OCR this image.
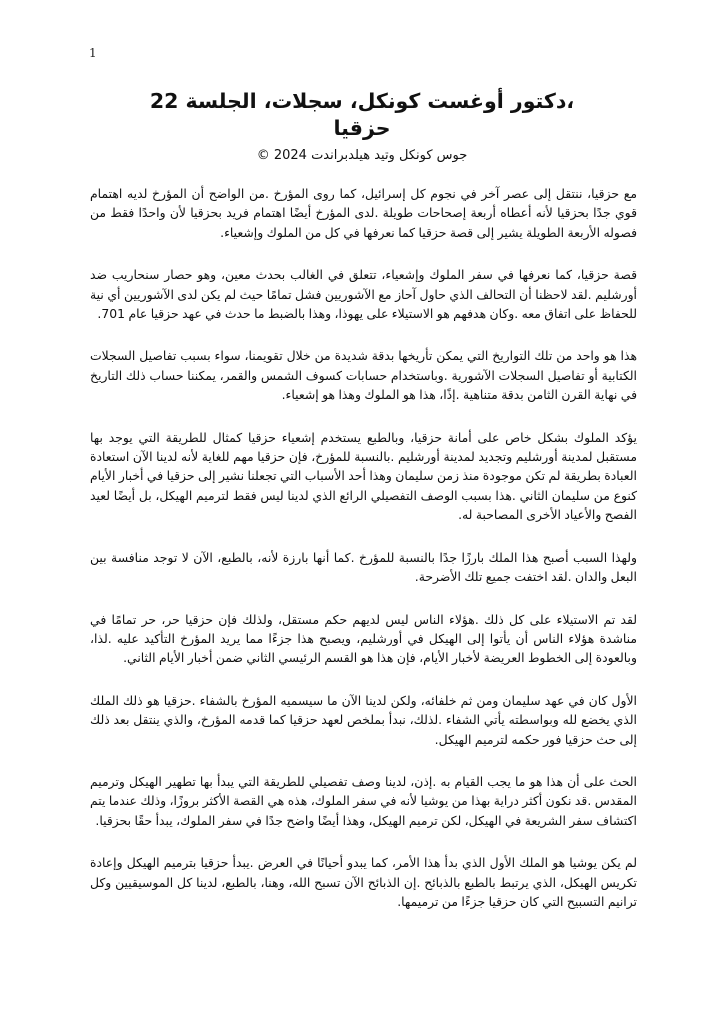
1
،دكتور أوغست كونكل، سجلات، الجلسة 22
حزقيا
جوس كونكل وتيد هيلدبراندت 2024 ©

مع حزقيا، ننتقل إلى عصر آخر في نجوم كل إسرائيل، كما روى المؤرخ .من الواضح أن المؤرخ لديه اهتمام قوي جدًا بحزقيا لأنه أعطاه أربعة إصحاحات طويلة .لدى المؤرخ أيضًا اهتمام فريد بحزقيا لأن واحدًا فقط من فصوله الأربعة الطويلة يشير إلى قصة حزقيا كما نعرفها في كل من الملوك وإشعياء.

قصة حزقيا، كما نعرفها في سفر الملوك وإشعياء، تتعلق في الغالب بحدث معين، وهو حصار سنحاريب ضد أورشليم .لقد لاحظنا أن التحالف الذي حاول آحاز مع الآشوريين فشل تمامًا حيث لم يكن لدى الآشوريين أي نية للحفاظ على اتفاق معه .وكان هدفهم هو الاستيلاء على يهوذا، وهذا بالضبط ما حدث في عهد حزقيا عام 701.

هذا هو واحد من تلك التواريخ التي يمكن تأريخها بدقة شديدة من خلال تقويمنا، سواء بسبب تفاصيل السجلات الكتابية أو تفاصيل السجلات الآشورية .وباستخدام حسابات كسوف الشمس والقمر، يمكننا حساب ذلك التاريخ في نهاية القرن الثامن بدقة متناهية .إذًا، هذا هو الملوك وهذا هو إشعياء.

يؤكد الملوك بشكل خاص على أمانة حزقيا، وبالطبع يستخدم إشعياء حزقيا كمثال للطريقة التي يوجد بها مستقبل لمدينة أورشليم وتجديد لمدينة أورشليم .بالنسبة للمؤرخ، فإن حزقيا مهم للغاية لأنه لدينا الآن استعادة العبادة بطريقة لم تكن موجودة منذ زمن سليمان وهذا أحد الأسباب التي تجعلنا نشير إلى حزقيا في أخبار الأيام كنوع من سليمان الثاني .هذا بسبب الوصف التفصيلي الرائع الذي لدينا ليس فقط لترميم الهيكل، بل أيضًا لعيد الفصح والأعياد الأخرى المصاحبة له.

ولهذا السبب أصبح هذا الملك بارزًا جدًا بالنسبة للمؤرخ .كما أنها بارزة لأنه، بالطبع، الآن لا توجد منافسة بين البعل والدان .لقد اختفت جميع تلك الأضرحة.

لقد تم الاستيلاء على كل ذلك .هؤلاء الناس ليس لديهم حكم مستقل، ولذلك فإن حزقيا حر، حر تمامًا في مناشدة هؤلاء الناس أن يأتوا إلى الهيكل في أورشليم، ويصبح هذا جزءًا مما يريد المؤرخ التأكيد عليه .لذا، وبالعودة إلى الخطوط العريضة لأخبار الأيام، فإن هذا هو القسم الرئيسي الثاني ضمن أخبار الأيام الثاني.

الأول كان في عهد سليمان ومن ثم خلفائه، ولكن لدينا الآن ما سيسميه المؤرخ بالشفاء .حزقيا هو ذلك الملك الذي يخضع لله وبواسطته يأتي الشفاء .لذلك، نبدأ بملخص لعهد حزقيا كما قدمه المؤرخ، والذي ينتقل بعد ذلك إلى حث حزقيا فور حكمه لترميم الهيكل.

الحث على أن هذا هو ما يجب القيام به .إذن، لدينا وصف تفصيلي للطريقة التي يبدأ بها تطهير الهيكل وترميم المقدس .قد نكون أكثر دراية بهذا من يوشيا لأنه في سفر الملوك، هذه هي القصة الأكثر بروزًا، وذلك عندما يتم اكتشاف سفر الشريعة في الهيكل، لكن ترميم الهيكل، وهذا أيضًا واضح جدًا في سفر الملوك، يبدأ حقًا بحزقيا.

لم يكن يوشيا هو الملك الأول الذي بدأ هذا الأمر، كما يبدو أحيانًا في العرض .يبدأ حزقيا بترميم الهيكل وإعادة تكريس الهيكل، الذي يرتبط بالطبع بالذبائح .إن الذبائح الآن تسبح الله، وهنا، بالطبع، لدينا كل الموسيقيين وكل ترانيم التسبيح التي كان حزقيا جزءًا من ترميمها.
